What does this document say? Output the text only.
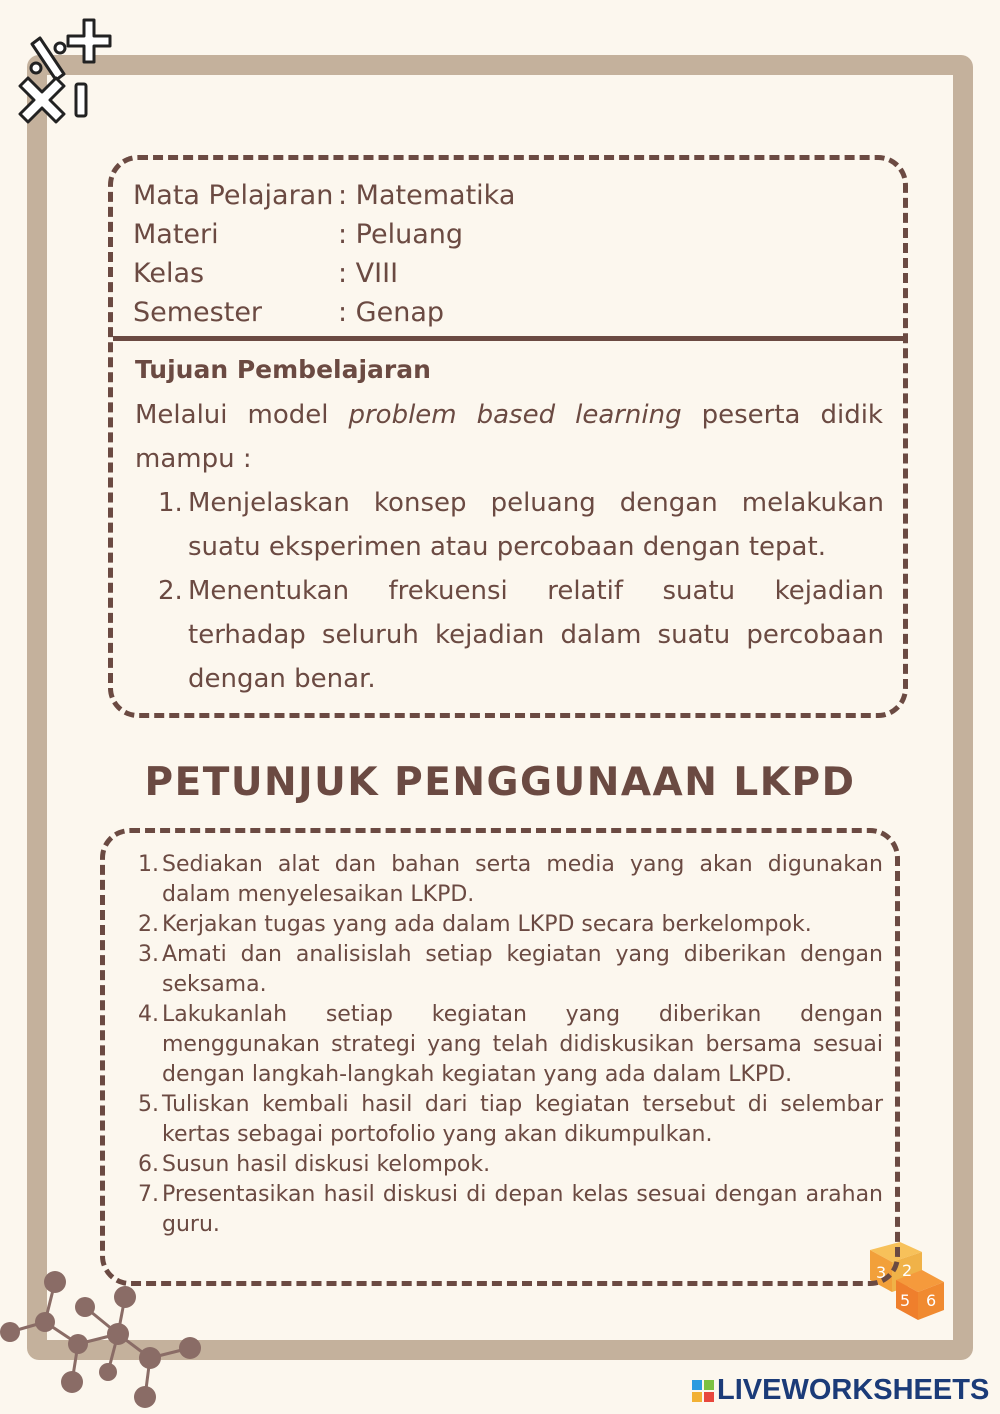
3 2
5 6
Mata Pelajaran : Matematika
Materi	: Peluang
Kelas	: VIII
Semester	: Genap
Tujuan Pembelajaran
Melalui model problem based learning peserta didik mampu :
1. Menjelaskan konsep peluang dengan melakukan suatu eksperimen atau percobaan dengan tepat.
2. Menentukan frekuensi relatif suatu kejadian terhadap seluruh kejadian dalam suatu percobaan dengan benar.
PETUNJUK PENGGUNAAN LKPD
1. Sediakan alat dan bahan serta media yang akan digunakan dalam menyelesaikan LKPD.
2. Kerjakan tugas yang ada dalam LKPD secara berkelompok.
3. Amati dan analisislah setiap kegiatan yang diberikan dengan seksama.
4. Lakukanlah setiap kegiatan yang diberikan dengan menggunakan strategi yang telah didiskusikan bersama sesuai dengan langkah-langkah kegiatan yang ada dalam LKPD.
5. Tuliskan kembali hasil dari tiap kegiatan tersebut di selembar kertas sebagai portofolio yang akan dikumpulkan.
6. Susun hasil diskusi kelompok.
7. Presentasikan hasil diskusi di depan kelas sesuai dengan arahan guru.
LIVEWORKSHEETS
